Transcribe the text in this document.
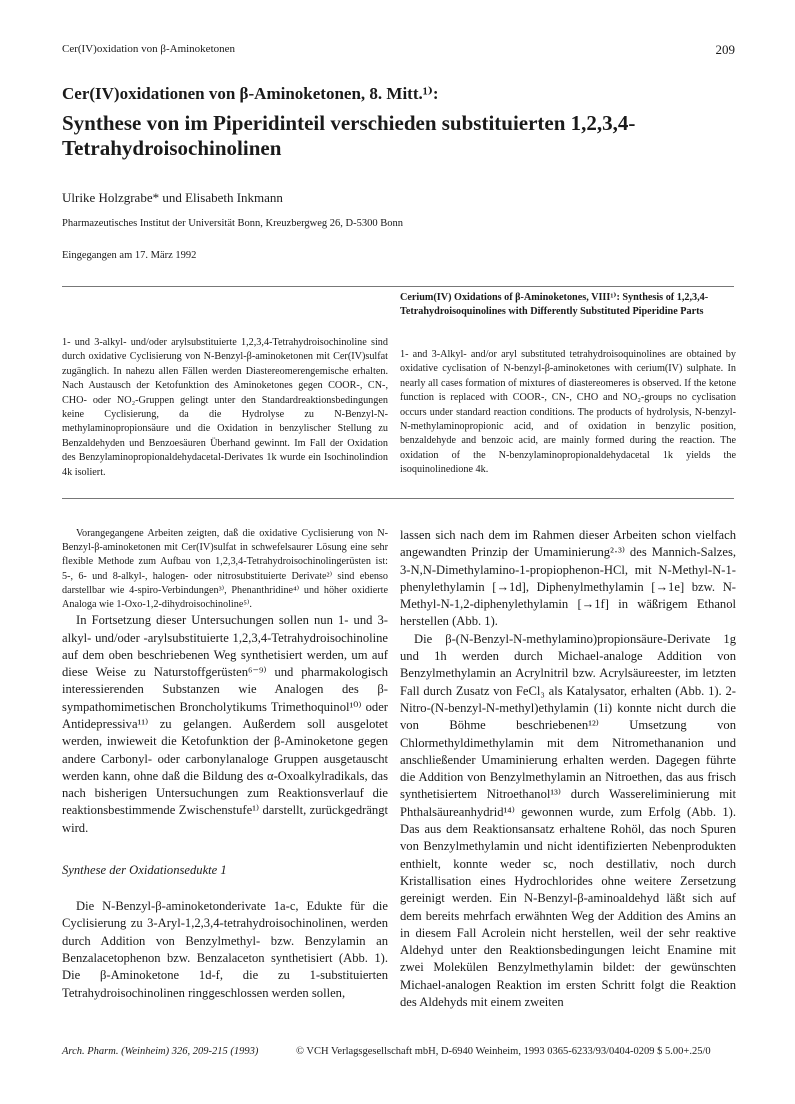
Cer(IV)oxidation von β-Aminoketonen	209
Cer(IV)oxidationen von β-Aminoketonen, 8. Mitt.¹⁾:
Synthese von im Piperidinteil verschieden substituierten 1,2,3,4-Tetrahydroisochinolinen
Ulrike Holzgrabe* und Elisabeth Inkmann
Pharmazeutisches Institut der Universität Bonn, Kreuzbergweg 26, D-5300 Bonn
Eingegangen am 17. März 1992
1- und 3-alkyl- und/oder arylsubstituierte 1,2,3,4-Tetrahydroisochinoline sind durch oxidative Cyclisierung von N-Benzyl-β-aminoketonen mit Cer(IV)sulfat zugänglich. In nahezu allen Fällen werden Diastereomerengemische erhalten. Nach Austausch der Ketofunktion des Aminoketones gegen COOR-, CN-, CHO- oder NO₂-Gruppen gelingt unter den Standardreaktionsbedingungen keine Cyclisierung, da die Hydrolyse zu N-Benzyl-N-methylaminopropionsäure und die Oxidation in benzylischer Stellung zu Benzaldehyden und Benzoesäuren Überhand gewinnt. Im Fall der Oxidation des Benzylaminopropionaldehydacetal-Derivates 1k wurde ein Isochinolindion 4k isoliert.
Cerium(IV) Oxidations of β-Aminoketones, VIII¹⁾: Synthesis of 1,2,3,4-Tetrahydroisoquinolines with Differently Substituted Piperidine Parts
1- and 3-Alkyl- and/or aryl substituted tetrahydroisoquinolines are obtained by oxidative cyclisation of N-benzyl-β-aminoketones with cerium(IV) sulphate. In nearly all cases formation of mixtures of diastereomeres is observed. If the ketone function is replaced with COOR-, CN-, CHO and NO₂-groups no cyclisation occurs under standard reaction conditions. The products of hydrolysis, N-benzyl-N-methylaminopropionic acid, and of oxidation in benzylic position, benzaldehyde and benzoic acid, are mainly formed during the reaction. The oxidation of the N-benzylaminopropionaldehydacetal 1k yields the isoquinolinedione 4k.

Vorangegangene Arbeiten zeigten, daß die oxidative Cyclisierung von N-Benzyl-β-aminoketonen mit Cer(IV)sulfat in schwefelsaurer Lösung eine sehr flexible Methode zum Aufbau von 1,2,3,4-Tetrahydroisochinolingerüsten ist: 5-, 6- und 8-alkyl-, halogen- oder nitrosubstituierte Derivate²⁾ sind ebenso darstellbar wie 4-spiro-Verbindungen³⁾, Phenanthridine⁴⁾ und höher oxidierte Analoga wie 1-Oxo-1,2-dihydroisochinoline⁵⁾.

In Fortsetzung dieser Untersuchungen sollen nun 1- und 3-alkyl- und/oder -arylsubstituierte 1,2,3,4-Tetrahydroisochinoline auf dem oben beschriebenen Weg synthetisiert werden, um auf diese Weise zu Naturstoffgerüsten⁶⁻⁹⁾ und pharmakologisch interessierenden Substanzen wie Analogen des β-sympathomimetischen Broncholytikums Trimethoquinol¹⁰⁾ oder Antidepressiva¹¹⁾ zu gelangen. Außerdem soll ausgelotet werden, inwieweit die Ketofunktion der β-Aminoketone gegen andere Carbonyl- oder carbonylanaloge Gruppen ausgetauscht werden kann, ohne daß die Bildung des α-Oxoalkylradikals, das nach bisherigen Untersuchungen zum Reaktionsverlauf die reaktionsbestimmende Zwischenstufe¹⁾ darstellt, zurückgedrängt wird.

Synthese der Oxidationsedukte 1

Die N-Benzyl-β-aminoketonderivate 1a-c, Edukte für die Cyclisierung zu 3-Aryl-1,2,3,4-tetrahydroisochinolinen, werden durch Addition von Benzylmethyl- bzw. Benzylamin an Benzalacetophenon bzw. Benzalaceton synthetisiert (Abb. 1). Die β-Aminoketone 1d-f, die zu 1-substituierten Tetrahydroisochinolinen ringgeschlossen werden sollen,

lassen sich nach dem im Rahmen dieser Arbeiten schon vielfach angewandten Prinzip der Umaminierung²·³⁾ des Mannich-Salzes, 3-N,N-Dimethylamino-1-propiophenon-HCl, mit N-Methyl-N-1-phenylethylamin [→1d], Diphenylmethylamin [→1e] bzw. N-Methyl-N-1,2-diphenylethylamin [→1f] in wäßrigem Ethanol herstellen (Abb. 1).

Die β-(N-Benzyl-N-methylamino)propionsäure-Derivate 1g und 1h werden durch Michael-analoge Addition von Benzylmethylamin an Acrylnitril bzw. Acrylsäureester, im letzten Fall durch Zusatz von FeCl₃ als Katalysator, erhalten (Abb. 1). 2-Nitro-(N-benzyl-N-methyl)ethylamin (1i) konnte nicht durch die von Böhme beschriebenen¹²⁾ Umsetzung von Chlormethyldimethylamin mit dem Nitromethananion und anschließender Umaminierung erhalten werden. Dagegen führte die Addition von Benzylmethylamin an Nitroethen, das aus frisch synthetisiertem Nitroethanol¹³⁾ durch Wassereliminierung mit Phthalsäureanhydrid¹⁴⁾ gewonnen wurde, zum Erfolg (Abb. 1). Das aus dem Reaktionsansatz erhaltene Rohöl, das noch Spuren von Benzylmethylamin und nicht identifizierten Nebenprodukten enthielt, konnte weder sc, noch destillativ, noch durch Kristallisation eines Hydrochlorides ohne weitere Zersetzung gereinigt werden. Ein N-Benzyl-β-aminoaldehyd läßt sich auf dem bereits mehrfach erwähnten Weg der Addition des Amins an in diesem Fall Acrolein nicht herstellen, weil der sehr reaktive Aldehyd unter den Reaktionsbedingungen leicht Enamine mit zwei Molekülen Benzylmethylamin bildet: der gewünschten Michael-analogen Reaktion im ersten Schritt folgt die Reaktion des Aldehyds mit einem zweiten

Arch. Pharm. (Weinheim) 326, 209-215 (1993)	© VCH Verlagsgesellschaft mbH, D-6940 Weinheim, 1993 0365-6233/93/0404-0209 $ 5.00+.25/0
